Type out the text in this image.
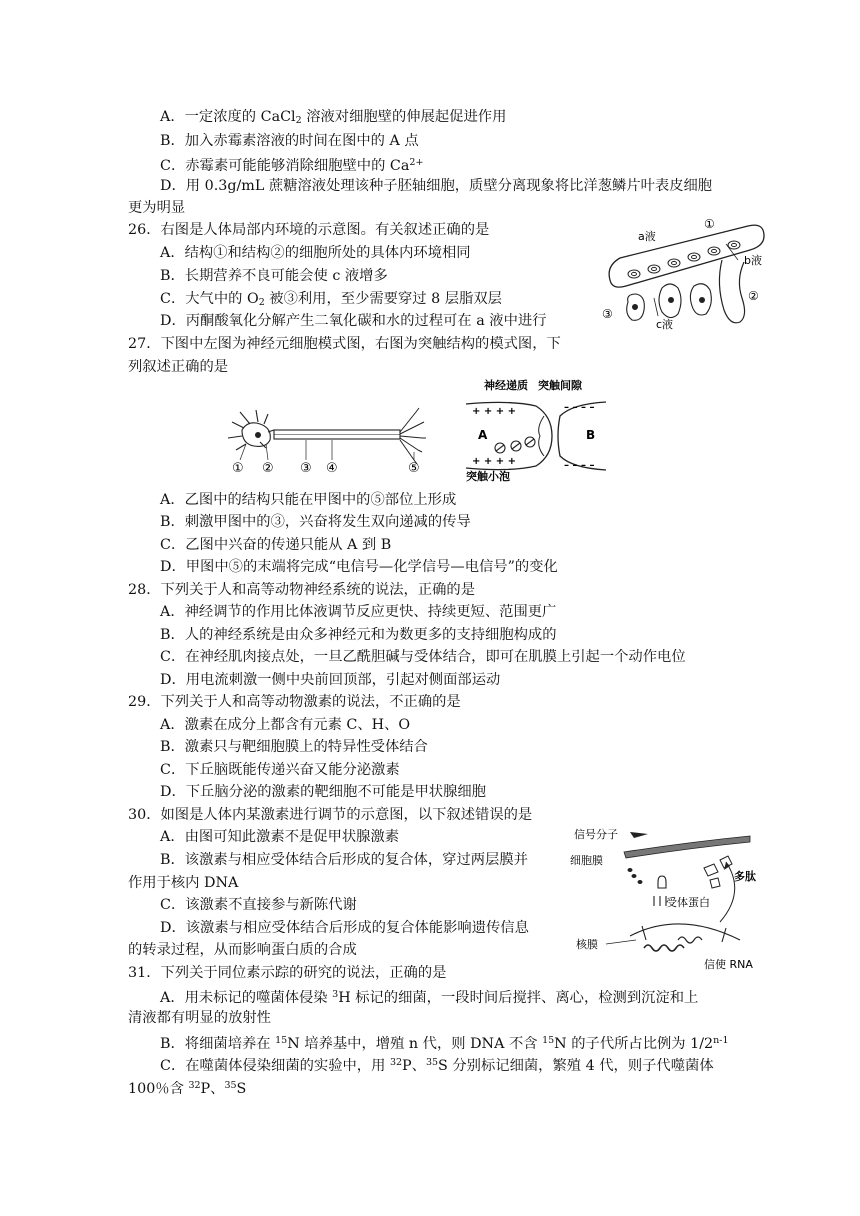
A．一定浓度的 CaCl$_2$ 溶液对细胞壁的伸展起促进作用
B．加入赤霉素溶液的时间在图中的 A 点
C．赤霉素可能能够消除细胞壁中的 $Ca^{2+}$
D．用 0.3g/mL 蔗糖溶液处理该种子胚轴细胞，质壁分离现象将比洋葱鳞片叶表皮细胞
更为明显
26．右图是人体局部内环境的示意图。有关叙述正确的是
A．结构①和结构②的细胞所处的具体内环境相同
B．长期营养不良可能会使 c 液增多
C．大气中的 $O_2$ 被③利用，至少需要穿过 8 层脂双层
D．丙酮酸氧化分解产生二氧化碳和水的过程可在 a 液中进行
a液
b液
c液
①
②
③
27．下图中左图为神经元细胞模式图，右图为突触结构的模式图，下
列叙述正确的是
① ② ③ ④	⑤
神经递质 突触间隙
+ + + +	– – – –
+ + + +	– – – –
A	B
突触小泡
A．乙图中的结构只能在甲图中的⑤部位上形成
B．刺激甲图中的③，兴奋将发生双向递减的传导
C．乙图中兴奋的传递只能从 A 到 B
D．甲图中⑤的末端将完成“电信号—化学信号—电信号”的变化
28．下列关于人和高等动物神经系统的说法，正确的是
A．神经调节的作用比体液调节反应更快、持续更短、范围更广
B．人的神经系统是由众多神经元和为数更多的支持细胞构成的
C．在神经肌肉接点处，一旦乙酰胆碱与受体结合，即可在肌膜上引起一个动作电位
D．用电流刺激一侧中央前回顶部，引起对侧面部运动
29．下列关于人和高等动物激素的说法，不正确的是
A．激素在成分上都含有元素 C、H、O
B．激素只与靶细胞膜上的特异性受体结合
C．下丘脑既能传递兴奋又能分泌激素
D．下丘脑分泌的激素的靶细胞不可能是甲状腺细胞
30．如图是人体内某激素进行调节的示意图，以下叙述错误的是
A．由图可知此激素不是促甲状腺激素
B．该激素与相应受体结合后形成的复合体，穿过两层膜并
作用于核内 DNA
C．该激素不直接参与新陈代谢
D．该激素与相应受体结合后形成的复合体能影响遗传信息
的转录过程，从而影响蛋白质的合成
信号分子
细胞膜
受体蛋白
多肽
核膜
信使 RNA
31．下列关于同位素示踪的研究的说法，正确的是
A．用未标记的噬菌体侵染 $^3$H 标记的细菌，一段时间后搅拌、离心，检测到沉淀和上
清液都有明显的放射性
B．将细菌培养在 $^{15}$N 培养基中，增殖 n 代，则 DNA 不含 $^{15}$N 的子代所占比例为 1/2$^{n-1}$
C．在噬菌体侵染细菌的实验中，用 $^{32}$P、$^{35}$S 分别标记细菌，繁殖 4 代，则子代噬菌体
100％含 $^{32}$P、$^{35}$S
